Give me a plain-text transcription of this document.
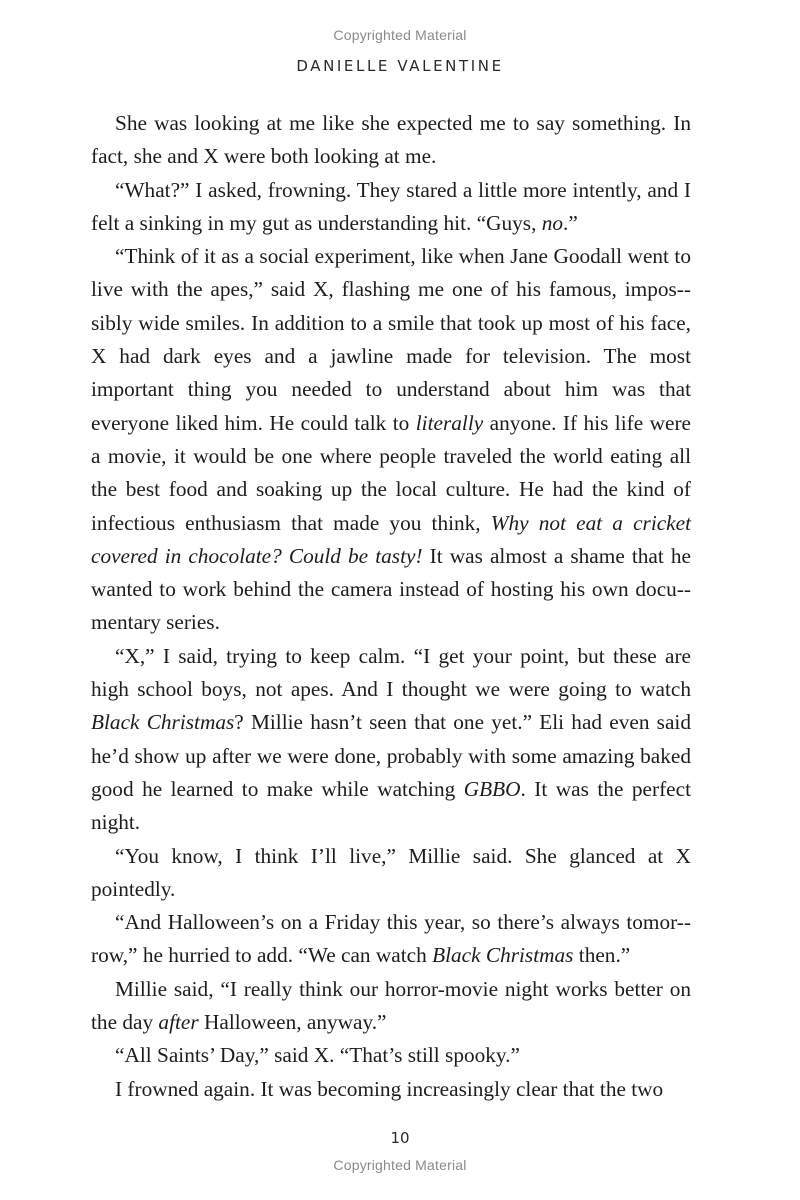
Copyrighted Material
DANIELLE VALENTINE

She was looking at me like she expected me to say something. In fact, she and X were both looking at me.

“What?” I asked, frowning. They stared a little more intently, and I felt a sinking in my gut as understanding hit. “Guys, no.”

“Think of it as a social experiment, like when Jane Goodall went to live with the apes,” said X, flashing me one of his famous, impos-sibly wide smiles. In addition to a smile that took up most of his face, X had dark eyes and a jawline made for television. The most important thing you needed to understand about him was that everyone liked him. He could talk to literally anyone. If his life were a movie, it would be one where people traveled the world eating all the best food and soaking up the local culture. He had the kind of infectious enthusiasm that made you think, Why not eat a cricket covered in chocolate? Could be tasty! It was almost a shame that he wanted to work behind the camera instead of hosting his own docu-mentary series.

“X,” I said, trying to keep calm. “I get your point, but these are high school boys, not apes. And I thought we were going to watch Black Christmas? Millie hasn’t seen that one yet.” Eli had even said he’d show up after we were done, probably with some amazing baked good he learned to make while watching GBBO. It was the perfect night.

“You know, I think I’ll live,” Millie said. She glanced at X pointedly.

“And Halloween’s on a Friday this year, so there’s always tomor-row,” he hurried to add. “We can watch Black Christmas then.”

Millie said, “I really think our horror-movie night works better on the day after Halloween, anyway.”

“All Saints’ Day,” said X. “That’s still spooky.”

I frowned again. It was becoming increasingly clear that the two

10
Copyrighted Material
